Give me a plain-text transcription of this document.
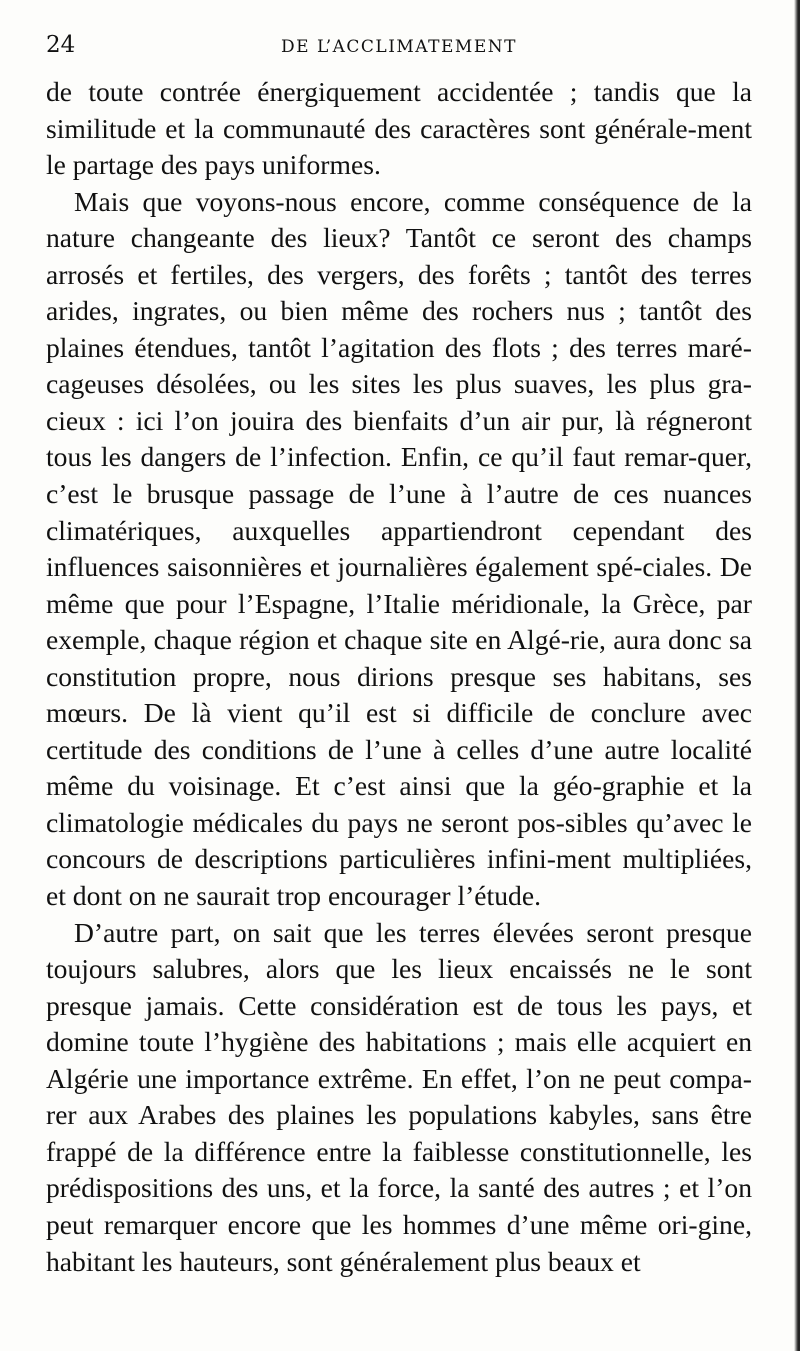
24	DE L’ACCLIMATEMENT

de toute contrée énergiquement accidentée ; tandis que la similitude et la communauté des caractères sont générale-ment le partage des pays uniformes.

Mais que voyons-nous encore, comme conséquence de la nature changeante des lieux? Tantôt ce seront des champs arrosés et fertiles, des vergers, des forêts ; tantôt des terres arides, ingrates, ou bien même des rochers nus ; tantôt des plaines étendues, tantôt l’agitation des flots ; des terres maré-cageuses désolées, ou les sites les plus suaves, les plus gra-cieux : ici l’on jouira des bienfaits d’un air pur, là régneront tous les dangers de l’infection. Enfin, ce qu’il faut remar-quer, c’est le brusque passage de l’une à l’autre de ces nuances climatériques, auxquelles appartiendront cependant des influences saisonnières et journalières également spé-ciales. De même que pour l’Espagne, l’Italie méridionale, la Grèce, par exemple, chaque région et chaque site en Algé-rie, aura donc sa constitution propre, nous dirions presque ses habitans, ses mœurs. De là vient qu’il est si difficile de conclure avec certitude des conditions de l’une à celles d’une autre localité même du voisinage. Et c’est ainsi que la géo-graphie et la climatologie médicales du pays ne seront pos-sibles qu’avec le concours de descriptions particulières infini-ment multipliées, et dont on ne saurait trop encourager l’étude.

D’autre part, on sait que les terres élevées seront presque toujours salubres, alors que les lieux encaissés ne le sont presque jamais. Cette considération est de tous les pays, et domine toute l’hygiène des habitations ; mais elle acquiert en Algérie une importance extrême. En effet, l’on ne peut compa-rer aux Arabes des plaines les populations kabyles, sans être frappé de la différence entre la faiblesse constitutionnelle, les prédispositions des uns, et la force, la santé des autres ; et l’on peut remarquer encore que les hommes d’une même ori-gine, habitant les hauteurs, sont généralement plus beaux et
